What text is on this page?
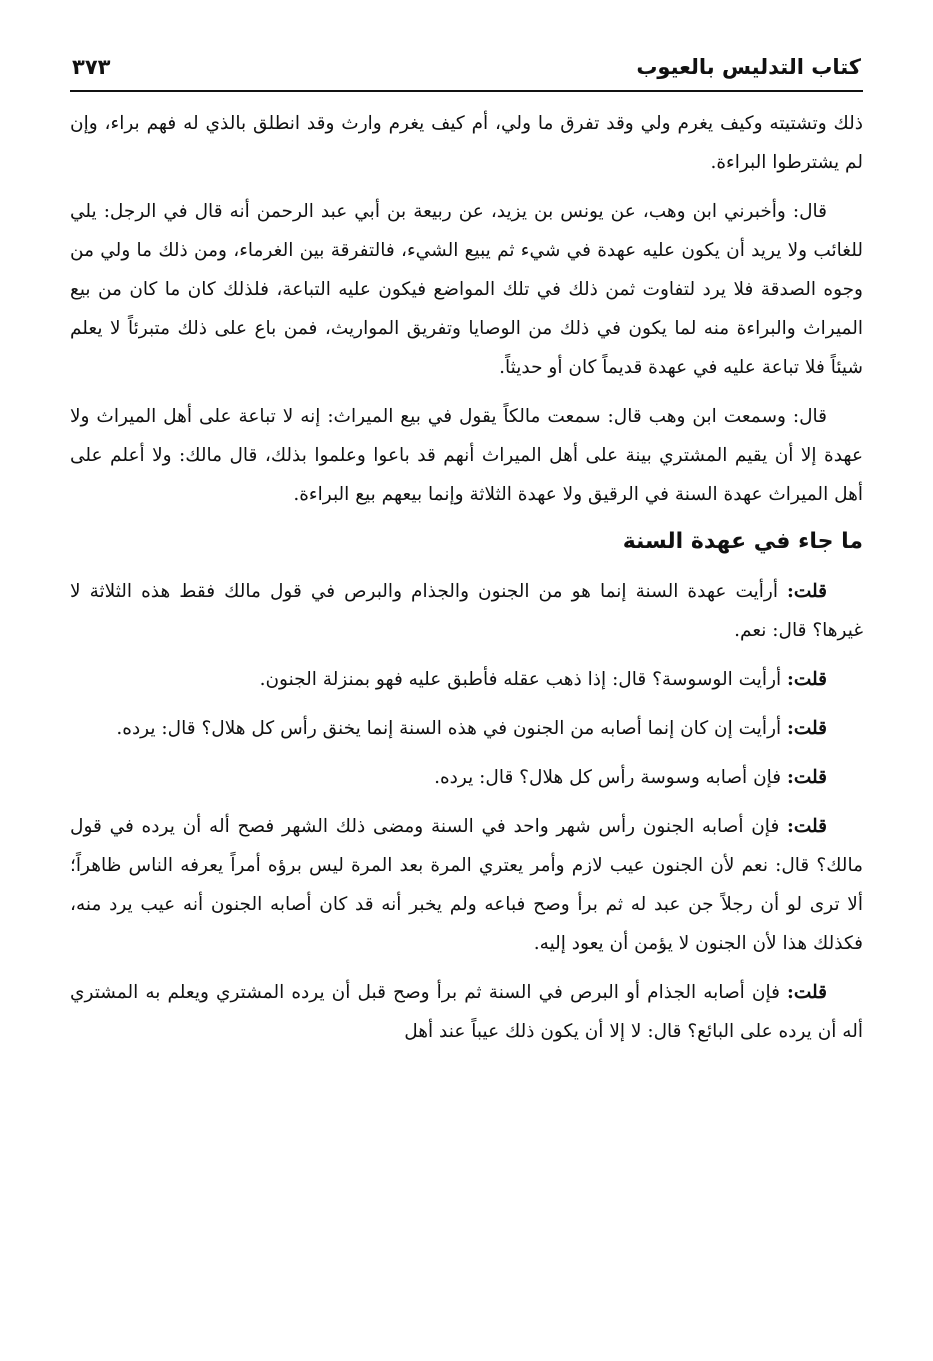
كتاب التدليس بالعيوب
٣٧٣

ذلك وتشتيته وكيف يغرم ولي وقد تفرق ما ولي، أم كيف يغرم وارث وقد انطلق بالذي له فهم براء، وإن لم يشترطوا البراءة.

قال: وأخبرني ابن وهب، عن يونس بن يزيد، عن ربيعة بن أبي عبد الرحمن أنه قال في الرجل: يلي للغائب ولا يريد أن يكون عليه عهدة في شيء ثم يبيع الشيء، فالتفرقة بين الغرماء، ومن ذلك ما ولي من وجوه الصدقة فلا يرد لتفاوت ثمن ذلك في تلك المواضع فيكون عليه التباعة، فلذلك كان ما كان من بيع الميراث والبراءة منه لما يكون في ذلك من الوصايا وتفريق المواريث، فمن باع على ذلك متبرئاً لا يعلم شيئاً فلا تباعة عليه في عهدة قديماً كان أو حديثاً.

قال: وسمعت ابن وهب قال: سمعت مالكاً يقول في بيع الميراث: إنه لا تباعة على أهل الميراث ولا عهدة إلا أن يقيم المشتري بينة على أهل الميراث أنهم قد باعوا وعلموا بذلك، قال مالك: ولا أعلم على أهل الميراث عهدة السنة في الرقيق ولا عهدة الثلاثة وإنما بيعهم بيع البراءة.

ما جاء في عهدة السنة

قلت: أرأيت عهدة السنة إنما هو من الجنون والجذام والبرص في قول مالك فقط هذه الثلاثة لا غيرها؟ قال: نعم.

قلت: أرأيت الوسوسة؟ قال: إذا ذهب عقله فأطبق عليه فهو بمنزلة الجنون.

قلت: أرأيت إن كان إنما أصابه من الجنون في هذه السنة إنما يخنق رأس كل هلال؟ قال: يرده.

قلت: فإن أصابه وسوسة رأس كل هلال؟ قال: يرده.

قلت: فإن أصابه الجنون رأس شهر واحد في السنة ومضى ذلك الشهر فصح أله أن يرده في قول مالك؟ قال: نعم لأن الجنون عيب لازم وأمر يعتري المرة بعد المرة ليس برؤه أمراً يعرفه الناس ظاهراً؛ ألا ترى لو أن رجلاً جن عبد له ثم برأ وصح فباعه ولم يخبر أنه قد كان أصابه الجنون أنه عيب يرد منه، فكذلك هذا لأن الجنون لا يؤمن أن يعود إليه.

قلت: فإن أصابه الجذام أو البرص في السنة ثم برأ وصح قبل أن يرده المشتري ويعلم به المشتري أله أن يرده على البائع؟ قال: لا إلا أن يكون ذلك عيباً عند أهل
